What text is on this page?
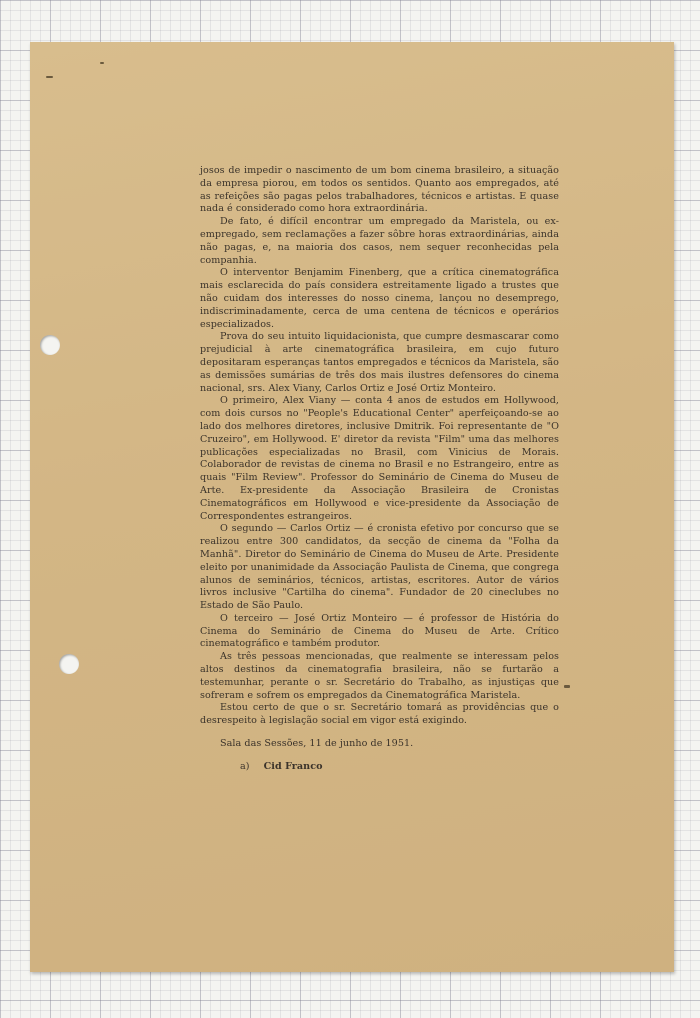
josos de impedir o nascimento de um bom cinema brasileiro, a situação da empresa piorou, em todos os sentidos. Quanto aos empregados, até as refeições são pagas pelos trabalhadores, técnicos e artistas. E quase nada é considerado como hora extraordinária.

De fato, é difícil encontrar um empregado da Maristela, ou ex-empregado, sem reclamações a fazer sôbre horas extraordinárias, ainda não pagas, e, na maioria dos casos, nem sequer reconhecidas pela companhia.

O interventor Benjamim Finenberg, que a crítica cinematográfica mais esclarecida do país considera estreitamente ligado a trustes que não cuidam dos interesses do nosso cinema, lançou no desemprego, indiscriminadamente, cerca de uma centena de técnicos e operários especializados.

Prova do seu intuito liquidacionista, que cumpre desmascarar como prejudicial à arte cinematográfica brasileira, em cujo futuro depositaram esperanças tantos empregados e técnicos da Maristela, são as demissões sumárias de três dos mais ilustres defensores do cinema nacional, srs. Alex Viany, Carlos Ortiz e José Ortiz Monteiro.

O primeiro, Alex Viany — conta 4 anos de estudos em Hollywood, com dois cursos no "People's Educational Center" aperfeiçoando-se ao lado dos melhores diretores, inclusive Dmitrik. Foi representante de "O Cruzeiro", em Hollywood. E' diretor da revista "Film" uma das melhores publicações especializadas no Brasil, com Vinicius de Morais. Colaborador de revistas de cinema no Brasil e no Estrangeiro, entre as quais "Film Review". Professor do Seminário de Cinema do Museu de Arte. Ex-presidente da Associação Brasileira de Cronistas Cinematográficos em Hollywood e vice-presidente da Associação de Correspondentes estrangeiros.

O segundo — Carlos Ortiz — é cronista efetivo por concurso que se realizou entre 300 candidatos, da secção de cinema da "Folha da Manhã". Diretor do Seminário de Cinema do Museu de Arte. Presidente eleito por unanimidade da Associação Paulista de Cinema, que congrega alunos de seminários, técnicos, artistas, escritores. Autor de vários livros inclusive "Cartilha do cinema". Fundador de 20 cineclubes no Estado de São Paulo.

O terceiro — José Ortiz Monteiro — é professor de História do Cinema do Seminário de Cinema do Museu de Arte. Crítico cinematográfico e também produtor.

As três pessoas mencionadas, que realmente se interessam pelos altos destinos da cinematografia brasileira, não se furtarão a testemunhar, perante o sr. Secretário do Trabalho, as injustiças que sofreram e sofrem os empregados da Cinematográfica Maristela.

Estou certo de que o sr. Secretário tomará as providências que o desrespeito à legislação social em vigor está exigindo.

Sala das Sessões, 11 de junho de 1951.

a) Cid Franco
